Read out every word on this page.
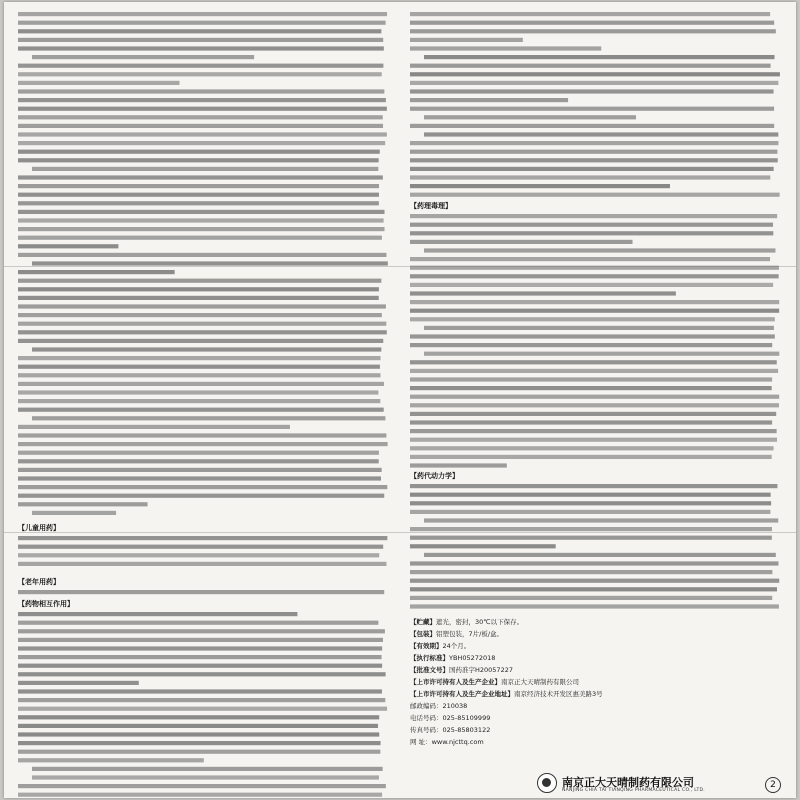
【儿童用药】
【老年用药】
【药物相互作用】
【药理毒理】
【药代动力学】
【贮藏】遮光，密封，30℃以下保存。
【包装】铝塑包装，7片/板/盒。
【有效期】24个月。
【执行标准】YBH05272018
【批准文号】国药准字H20057227
【上市许可持有人及生产企业】南京正大天晴制药有限公司
【上市许可持有人及生产企业地址】南京经济技术开发区惠美路3号
邮政编码：210038
电话号码：025-85109999
传真号码：025-85803122
网 址：www.njcttq.com
南京正大天晴制药有限公司
NANJING CHIA TAI TIANQING PHARMACEUTICAL CO., LTD.
2
